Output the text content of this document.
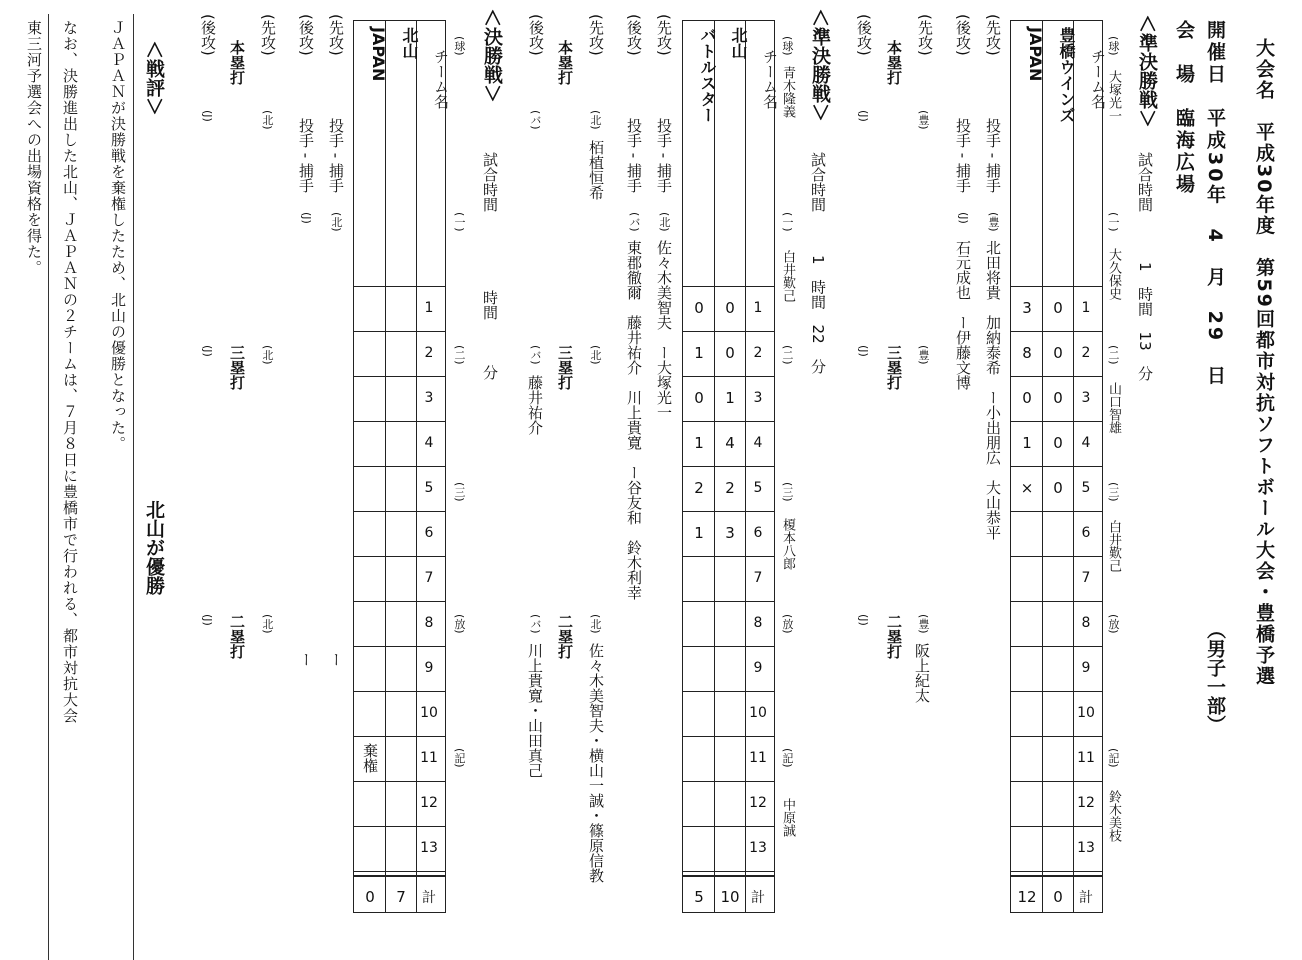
大会名　平成30年度　第59回都市対抗ソフトボール大会・豊橋予選
（男子一部）
開催日　平成30年　4　月　29　日
会　場　臨海広場
＜準決勝戦＞
試合時間
1　時間　13　分
(球)
大塚光一
(一)
大久保史
(二)
山口智雄
(三)
白井歎己
(放)
(記)
鈴木美枝
チーム名
豊橋ウインズ
JAPAN
1
0
3
2
0
8
3
0
0
4
0
1
5
0
×
6
7
8
9
10
11
12
13
計
0
12
(先攻)
投手 ‐ 捕手
(豊)
北田将貴　加納泰希　ー小出朋広　大山恭平
(後攻)
投手 ‐ 捕手
(J)
石元成也　ー伊藤文博
(先攻)
(豊)
(豊)
(豊)
阪上紀太
本塁打
三塁打
二塁打
(後攻)
(J)
(J)
(J)
＜準決勝戦＞
試合時間
1　時間　22　分
(球)
青木隆義
(一)
白井歎己
(二)
(三)
榎本八郎
(放)
(記)
中原誠
チーム名
北山
バトルスター
1
0
0
2
0
1
3
1
0
4
4
1
5
2
2
6
3
1
7
8
9
10
11
12
13
計
10
5
(先攻)
投手 ‐ 捕手
(北)
佐々木美智夫　ー大塚光一
(後攻)
投手 ‐ 捕手
(バ)
東郡徹爾　藤井祐介　川上貴寛　ー谷友和　鈴木利幸
(先攻)
(北)
栢植恒希
(北)
(北)
佐々木美智夫・横山一誠・篠原信教
本塁打
三塁打
二塁打
(後攻)
(バ)
(バ)
藤井祐介
(バ)
川上貴寛・山田真己
＜決勝戦＞
試合時間
時間　　　分
(球)
(一)
(二)
(三)
(放)
(記)
チーム名
北山
JAPAN
棄権
1
2
3
4
5
6
7
8
9
10
11
12
13
計
7
0
(先攻)
投手 ‐ 捕手
(北)
ー
(後攻)
投手 ‐ 捕手
(J)
ー
(先攻)
(北)
(北)
(北)
本塁打
三塁打
二塁打
(後攻)
(J)
(J)
(J)
＜戦評＞
北山が優勝
ＪＡＰＡＮが決勝戦を棄権したため、北山の優勝となった。
なお、決勝進出した北山、ＪＡＰＡＮの２チームは、７月８日に豊橋市で行われる、都市対抗大会
東三河予選会への出場資格を得た。
